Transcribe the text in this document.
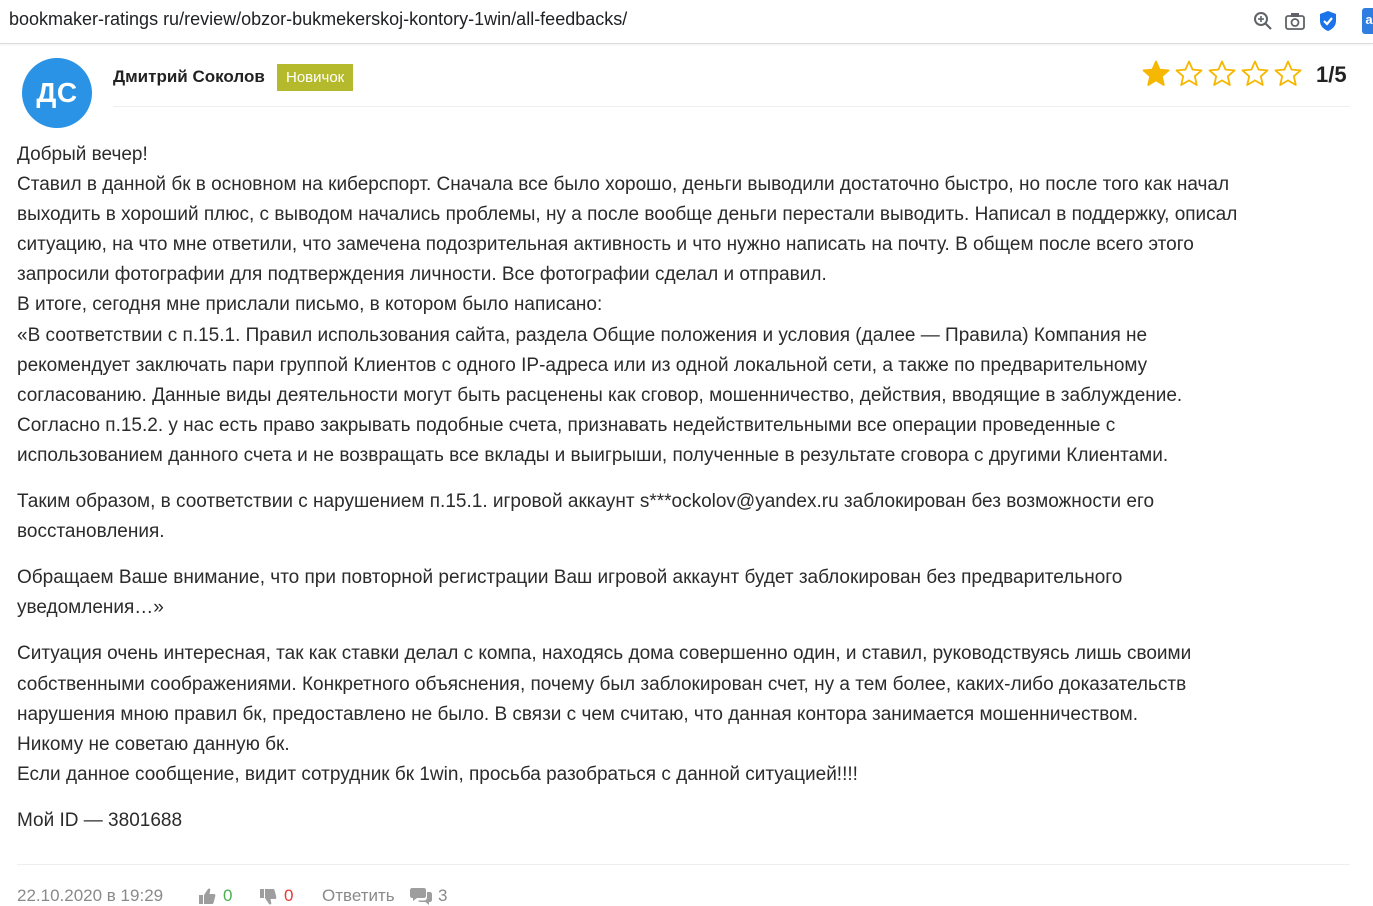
bookmaker-ratings ru/review/obzor-bukmekerskoj-kontory-1win/all-feedbacks/	a
ДС
Дмитрий Соколов	Новичок	1/5

Добрый вечер!
Ставил в данной бк в основном на киберспорт. Сначала все было хорошо, деньги выводили достаточно быстро, но после того как начал
выходить в хороший плюс, с выводом начались проблемы, ну а после вообще деньги перестали выводить. Написал в поддержку, описал
ситуацию, на что мне ответили, что замечена подозрительная активность и что нужно написать на почту. В общем после всего этого
запросили фотографии для подтверждения личности. Все фотографии сделал и отправил.
В итоге, сегодня мне прислали письмо, в котором было написано:
«В соответствии с п.15.1. Правил использования сайта, раздела Общие положения и условия (далее — Правила) Компания не
рекомендует заключать пари группой Клиентов с одного IP-адреса или из одной локальной сети, а также по предварительному
согласованию. Данные виды деятельности могут быть расценены как сговор, мошенничество, действия, вводящие в заблуждение.
Согласно п.15.2. у нас есть право закрывать подобные счета, признавать недействительными все операции проведенные с
использованием данного счета и не возвращать все вклады и выигрыши, полученные в результате сговора с другими Клиентами.

Таким образом, в соответствии с нарушением п.15.1. игровой аккаунт s***ockolov@yandex.ru заблокирован без возможности его
восстановления.

Обращаем Ваше внимание, что при повторной регистрации Ваш игровой аккаунт будет заблокирован без предварительного
уведомления…»

Ситуация очень интересная, так как ставки делал с компа, находясь дома совершенно один, и ставил, руководствуясь лишь своими
собственными соображениями. Конкретного объяснения, почему был заблокирован счет, ну а тем более, каких-либо доказательств
нарушения мною правил бк, предоставлено не было. В связи с чем считаю, что данная контора занимается мошенничеством.
Никому не советаю данную бк.
Если данное сообщение, видит сотрудник бк 1win, просьба разобраться с данной ситуацией!!!!

Мой ID — 3801688

22.10.2020 в 19:29	0	0 Ответить	3
